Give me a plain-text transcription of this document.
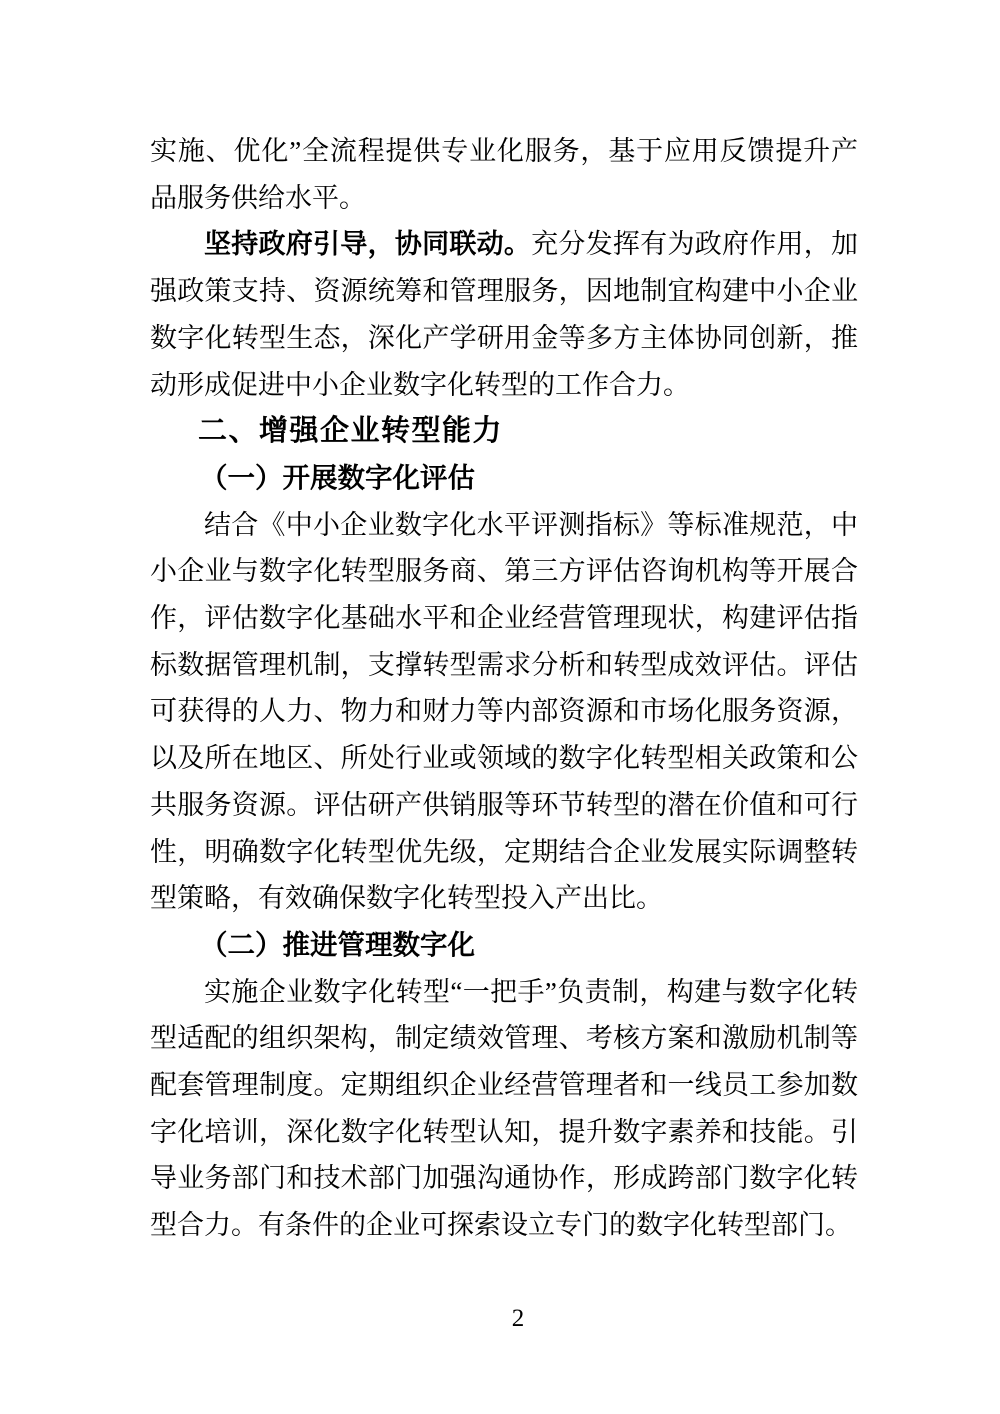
实施、优化”全流程提供专业化服务，基于应用反馈提升产品服务供给水平。

坚持政府引导，协同联动。充分发挥有为政府作用，加强政策支持、资源统筹和管理服务，因地制宜构建中小企业数字化转型生态，深化产学研用金等多方主体协同创新，推动形成促进中小企业数字化转型的工作合力。

二、增强企业转型能力
（一）开展数字化评估

结合《中小企业数字化水平评测指标》等标准规范，中小企业与数字化转型服务商、第三方评估咨询机构等开展合作，评估数字化基础水平和企业经营管理现状，构建评估指标数据管理机制，支撑转型需求分析和转型成效评估。评估可获得的人力、物力和财力等内部资源和市场化服务资源，以及所在地区、所处行业或领域的数字化转型相关政策和公共服务资源。评估研产供销服等环节转型的潜在价值和可行性，明确数字化转型优先级，定期结合企业发展实际调整转型策略，有效确保数字化转型投入产出比。

（二）推进管理数字化

实施企业数字化转型“一把手”负责制，构建与数字化转型适配的组织架构，制定绩效管理、考核方案和激励机制等配套管理制度。定期组织企业经营管理者和一线员工参加数字化培训，深化数字化转型认知，提升数字素养和技能。引导业务部门和技术部门加强沟通协作，形成跨部门数字化转型合力。有条件的企业可探索设立专门的数字化转型部门。

2
